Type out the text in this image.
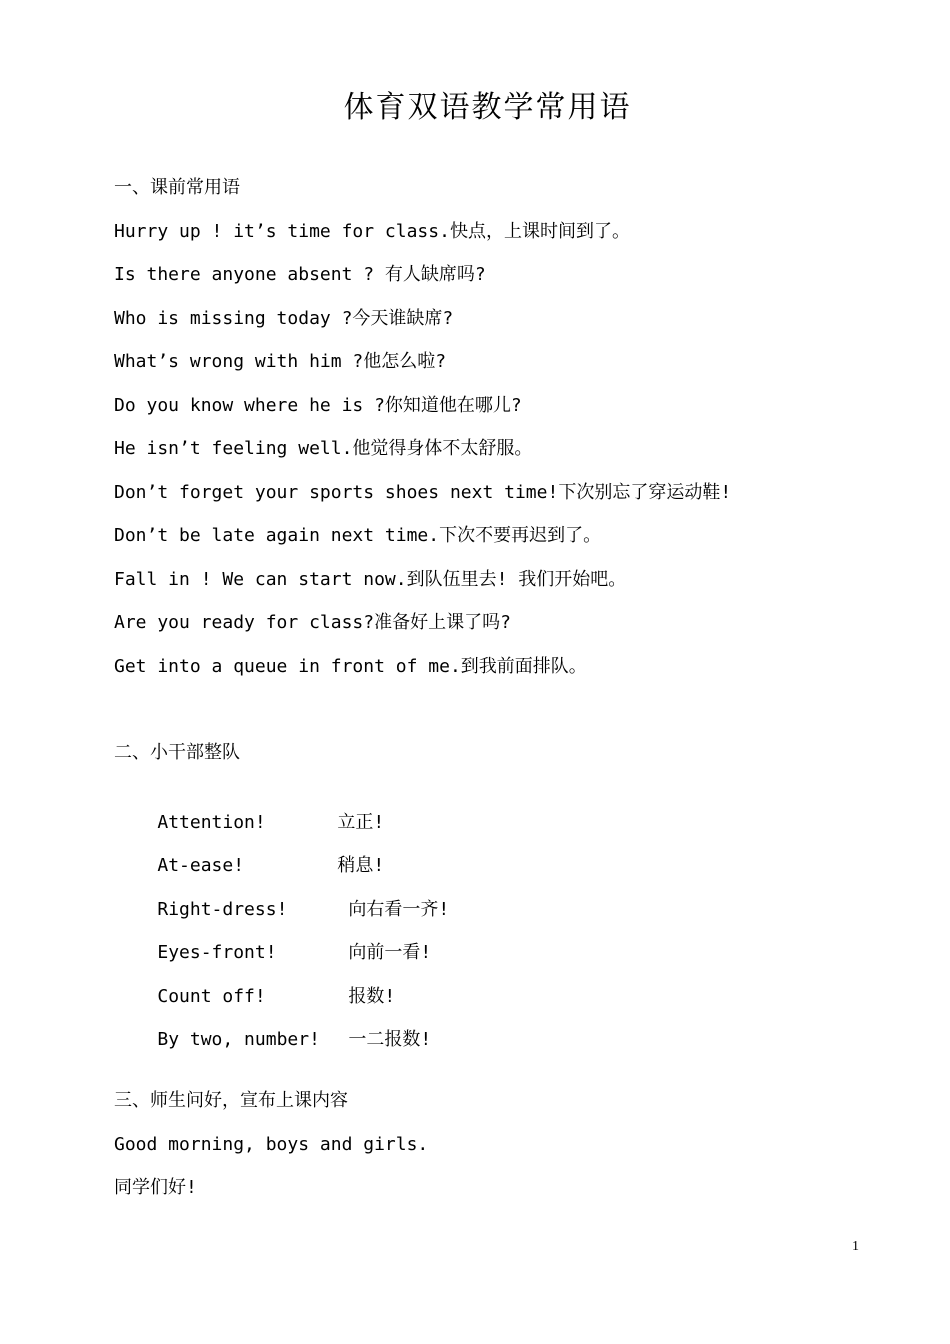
体育双语教学常用语
一、课前常用语
Hurry up ! it’s time for class.快点，上课时间到了。
Is there anyone absent ? 有人缺席吗?
Who is missing today ?今天谁缺席?
What’s wrong with him ?他怎么啦?
Do you know where he is ?你知道他在哪儿?
He isn’t feeling well.他觉得身体不太舒服。
Don’t forget your sports shoes next time!下次别忘了穿运动鞋!
Don’t be late again next time.下次不要再迟到了。
Fall in ! We can start now.到队伍里去! 我们开始吧。
Are you ready for class?准备好上课了吗?
Get into a queue in front of me.到我前面排队。
二、小干部整队

Attention!	立正!

At-ease!	稍息!

Right-dress!	向右看一齐!

Eyes-front!	向前一看!

Count off!	报数!

By two, number! 一二报数!

三、师生问好，宣布上课内容
Good morning, boys and girls.
同学们好!
1
